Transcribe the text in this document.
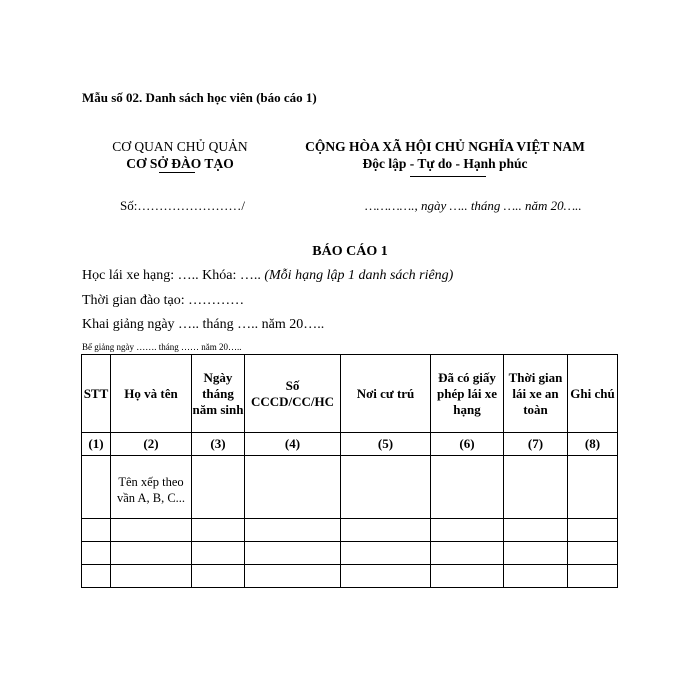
Mẫu số 02. Danh sách học viên (báo cáo 1)
CƠ QUAN CHỦ QUẢN
CƠ SỞ ĐÀO TẠO
CỘNG HÒA XÃ HỘI CHỦ NGHĨA VIỆT NAM
Độc lập - Tự do - Hạnh phúc
Số:……………………/	…………., ngày ….. tháng ….. năm 20…..
BÁO CÁO 1
Học lái xe hạng: ….. Khóa: ….. (Mỗi hạng lập 1 danh sách riêng)
Thời gian đào tạo: …………
Khai giảng ngày ….. tháng ….. năm 20…..
Bế giảng ngày ……. tháng …… năm 20…..
STT	Họ và tên	Ngày tháng năm sinh	Số CCCD/CC/HC	Nơi cư trú	Đã có giấy phép lái xe hạng	Thời gian lái xe an toàn	Ghi chú
(1)	(2)	(3)	(4)	(5)	(6)	(7)	(8)
	Tên xếp theo vần A, B, C...						
